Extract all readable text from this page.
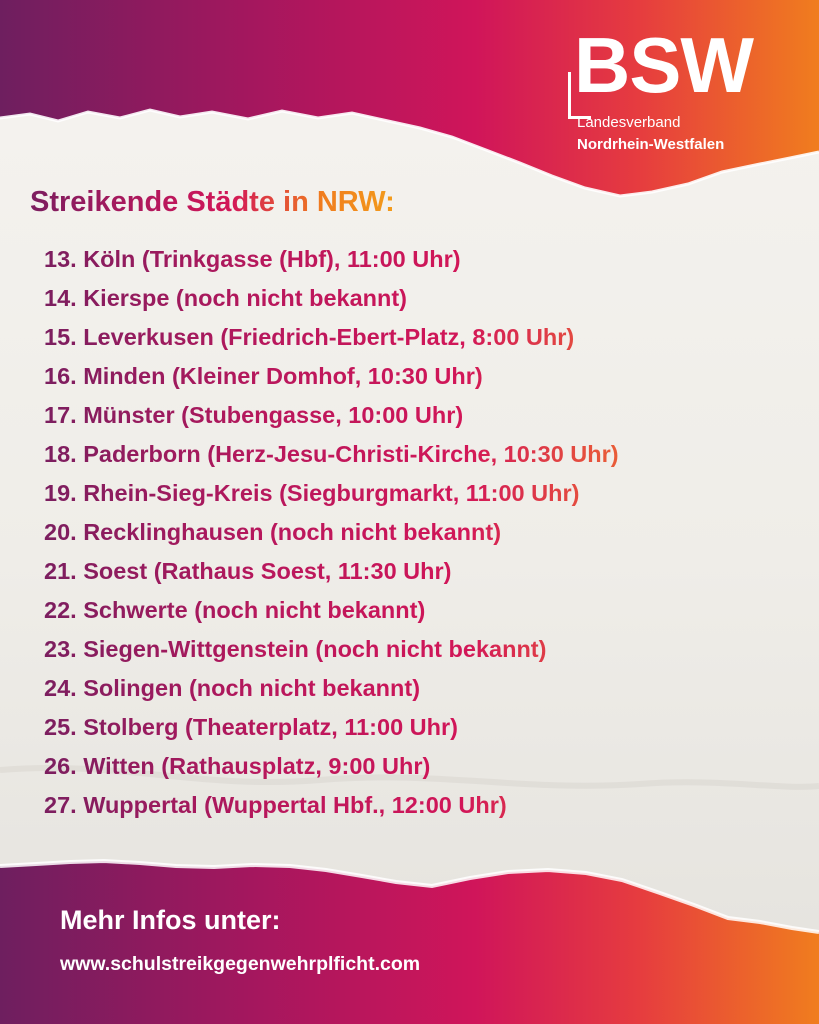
BSW
Landesverband
Nordrhein-Westfalen
Streikende Städte in NRW:
13. Köln (Trinkgasse (Hbf), 11:00 Uhr)
14. Kierspe (noch nicht bekannt)
15. Leverkusen (Friedrich-Ebert-Platz, 8:00 Uhr)
16. Minden (Kleiner Domhof, 10:30 Uhr)
17. Münster (Stubengasse, 10:00 Uhr)
18. Paderborn (Herz-Jesu-Christi-Kirche, 10:30 Uhr)
19. Rhein-Sieg-Kreis (Siegburgmarkt, 11:00 Uhr)
20. Recklinghausen (noch nicht bekannt)
21. Soest (Rathaus Soest, 11:30 Uhr)
22. Schwerte (noch nicht bekannt)
23. Siegen-Wittgenstein (noch nicht bekannt)
24. Solingen (noch nicht bekannt)
25. Stolberg (Theaterplatz, 11:00 Uhr)
26. Witten (Rathausplatz, 9:00 Uhr)
27. Wuppertal (Wuppertal Hbf., 12:00 Uhr)
Mehr Infos unter:
www.schulstreikgegenwehrplficht.com
